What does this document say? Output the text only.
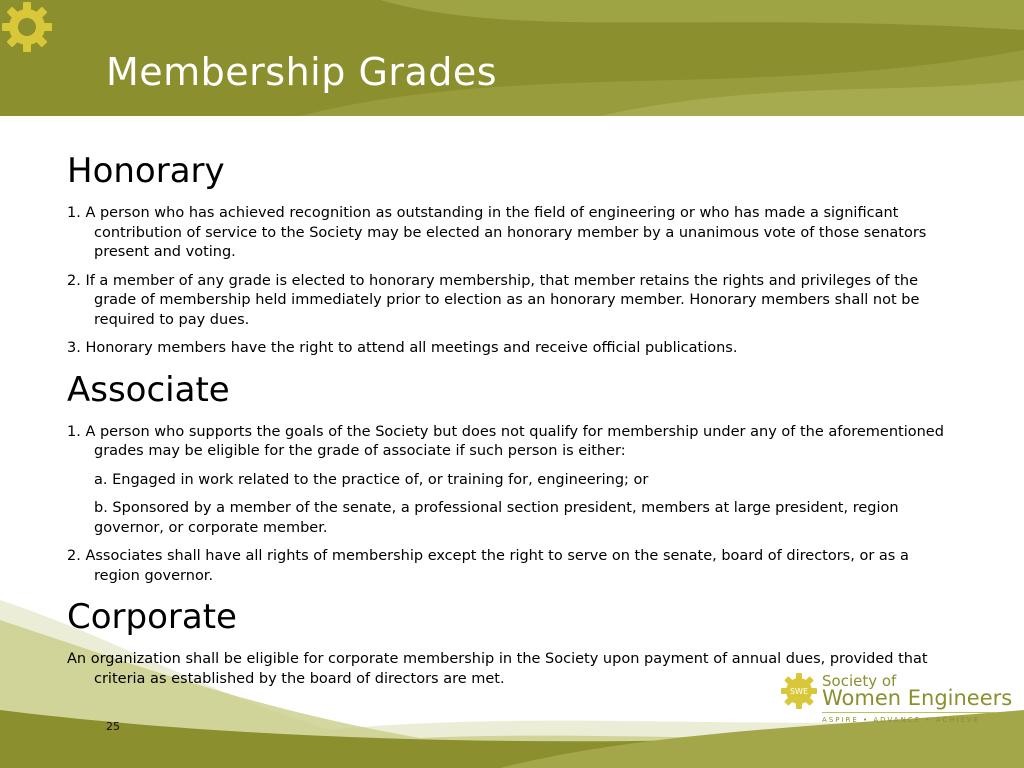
Membership Grades
Honorary

1. A person who has achieved recognition as outstanding in the field of engineering or who has made a significant contribution of service to the Society may be elected an honorary member by a unanimous vote of those senators present and voting.

2. If a member of any grade is elected to honorary membership, that member retains the rights and privileges of the grade of membership held immediately prior to election as an honorary member. Honorary members shall not be required to pay dues.

3. Honorary members have the right to attend all meetings and receive official publications.

Associate

1. A person who supports the goals of the Society but does not qualify for membership under any of the aforementioned grades may be eligible for the grade of associate if such person is either:

a. Engaged in work related to the practice of, or training for, engineering; or

b. Sponsored by a member of the senate, a professional section president, members at large president, region governor, or corporate member.

2. Associates shall have all rights of membership except the right to serve on the senate, board of directors, or as a region governor.

Corporate

An organization shall be eligible for corporate membership in the Society upon payment of annual dues, provided that criteria as established by the board of directors are met.

25
SWE
Society of
Women Engineers
ASPIRE • ADVANCE • ACHIEVE
